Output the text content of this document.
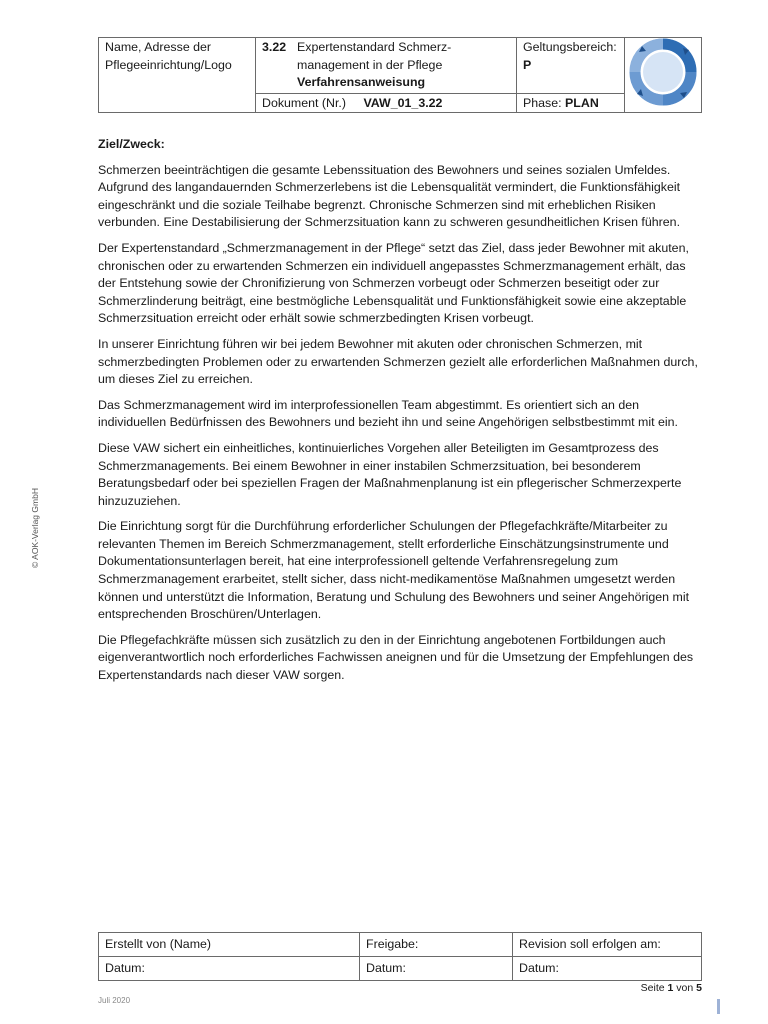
Name, Adresse der Pflegeeinrichtung/Logo	3.22 Expertenstandard Schmerz-
management in der Pflege
Verfahrensanweisung	Geltungsbereich:
P	
	Dokument (Nr.) VAW_01_3.22	Phase: PLAN	
© AOK-Verlag GmbH
Ziel/Zweck:

Schmerzen beeinträchtigen die gesamte Lebenssituation des Bewohners und seines sozialen Umfeldes. Aufgrund des langandauernden Schmerzerlebens ist die Lebensqualität vermindert, die Funktionsfähigkeit eingeschränkt und die soziale Teilhabe begrenzt. Chronische Schmerzen sind mit erheblichen Risiken verbunden. Eine Destabilisierung der Schmerzsituation kann zu schweren gesundheitlichen Krisen führen.

Der Expertenstandard „Schmerzmanagement in der Pflege“ setzt das Ziel, dass jeder Bewohner mit akuten, chronischen oder zu erwartenden Schmerzen ein individuell angepasstes Schmerzmanagement erhält, das der Entstehung sowie der Chronifizierung von Schmerzen vorbeugt oder Schmerzen beseitigt oder zur Schmerzlinderung beiträgt, eine bestmögliche Lebensqualität und Funktionsfähigkeit sowie eine akzeptable Schmerzsituation erreicht oder erhält sowie schmerzbedingten Krisen vorbeugt.

In unserer Einrichtung führen wir bei jedem Bewohner mit akuten oder chronischen Schmerzen, mit schmerzbedingten Problemen oder zu erwartenden Schmerzen gezielt alle erforderlichen Maßnahmen durch, um dieses Ziel zu erreichen.

Das Schmerzmanagement wird im interprofessionellen Team abgestimmt. Es orientiert sich an den individuellen Bedürfnissen des Bewohners und bezieht ihn und seine Angehörigen selbstbestimmt mit ein.

Diese VAW sichert ein einheitliches, kontinuierliches Vorgehen aller Beteiligten im Gesamtprozess des Schmerzmanagements. Bei einem Bewohner in einer instabilen Schmerzsituation, bei besonderem Beratungsbedarf oder bei speziellen Fragen der Maßnahmenplanung ist ein pflegerischer Schmerzexperte hinzuzuziehen.

Die Einrichtung sorgt für die Durchführung erforderlicher Schulungen der Pflegefachkräfte/Mitarbeiter zu relevanten Themen im Bereich Schmerzmanagement, stellt erforderliche Einschätzungsinstrumente und Dokumentationsunterlagen bereit, hat eine interprofessionell geltende Verfahrensregelung zum Schmerzmanagement erarbeitet, stellt sicher, dass nicht-medikamentöse Maßnahmen umgesetzt werden können und unterstützt die Information, Beratung und Schulung des Bewohners und seiner Angehörigen mit entsprechenden Broschüren/Unterlagen.

Die Pflegefachkräfte müssen sich zusätzlich zu den in der Einrichtung angebotenen Fortbildungen auch eigenverantwortlich noch erforderliches Fachwissen aneignen und für die Umsetzung der Empfehlungen des Expertenstandards nach dieser VAW sorgen.

Erstellt von (Name)	Freigabe:	Revision soll erfolgen am:
Datum:	Datum:	Datum:
Juli 2020
Seite 1 von 5
